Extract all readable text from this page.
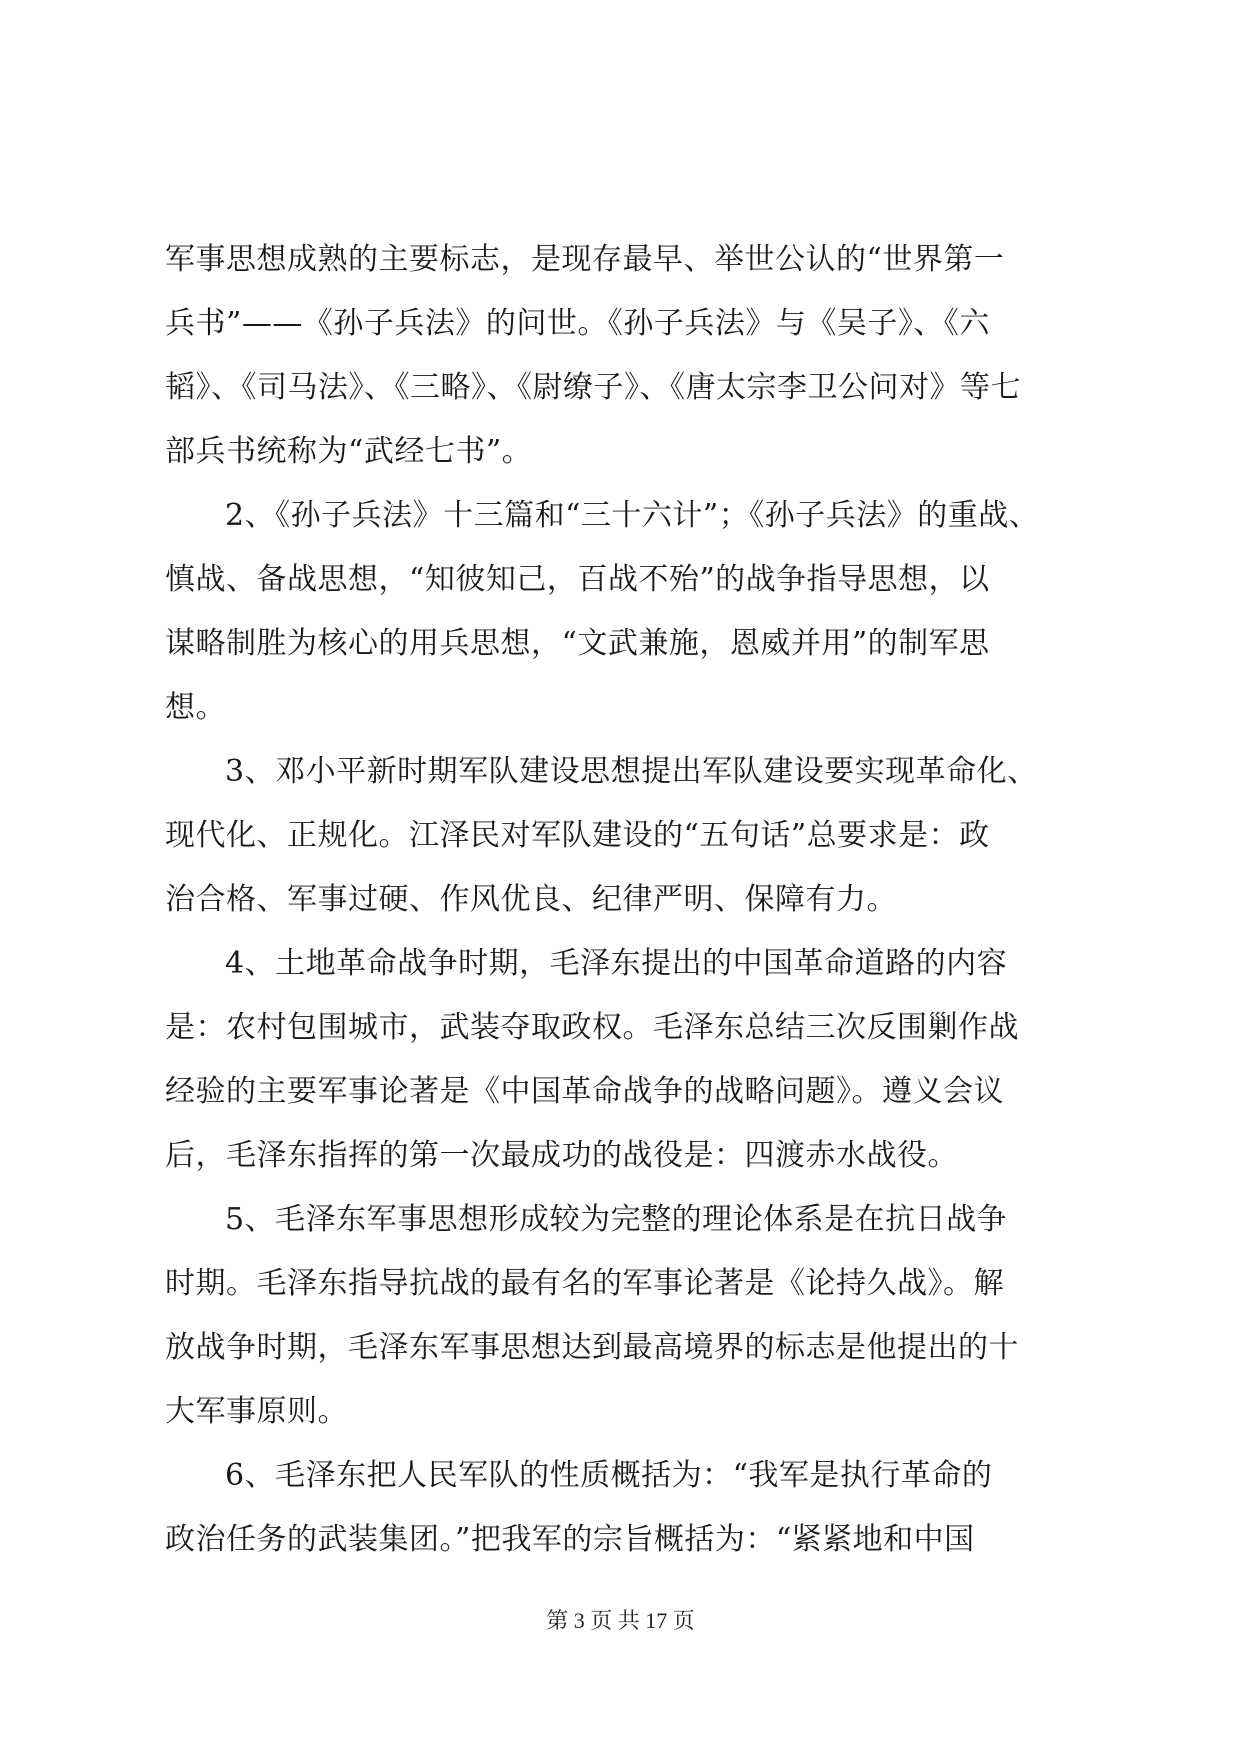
军事思想成熟的主要标志，是现存最早、举世公认的“世界第一
兵书”——《孙子兵法》的问世。《孙子兵法》与《吴子》、《六
韬》、《司马法》、《三略》、《尉缭子》、《唐太宗李卫公问对》等七
部兵书统称为“武经七书”。
2、《孙子兵法》十三篇和“三十六计”；《孙子兵法》的重战、
慎战、备战思想，“知彼知己，百战不殆”的战争指导思想，以
谋略制胜为核心的用兵思想，“文武兼施，恩威并用”的制军思
想。
3、邓小平新时期军队建设思想提出军队建设要实现革命化、
现代化、正规化。江泽民对军队建设的“五句话”总要求是：政
治合格、军事过硬、作风优良、纪律严明、保障有力。
4、土地革命战争时期，毛泽东提出的中国革命道路的内容
是：农村包围城市，武装夺取政权。毛泽东总结三次反围剿作战
经验的主要军事论著是《中国革命战争的战略问题》。遵义会议
后，毛泽东指挥的第一次最成功的战役是：四渡赤水战役。
5、毛泽东军事思想形成较为完整的理论体系是在抗日战争
时期。毛泽东指导抗战的最有名的军事论著是《论持久战》。解
放战争时期，毛泽东军事思想达到最高境界的标志是他提出的十
大军事原则。
6、毛泽东把人民军队的性质概括为：“我军是执行革命的
政治任务的武装集团。”把我军的宗旨概括为：“紧紧地和中国
第 3 页 共 17 页
